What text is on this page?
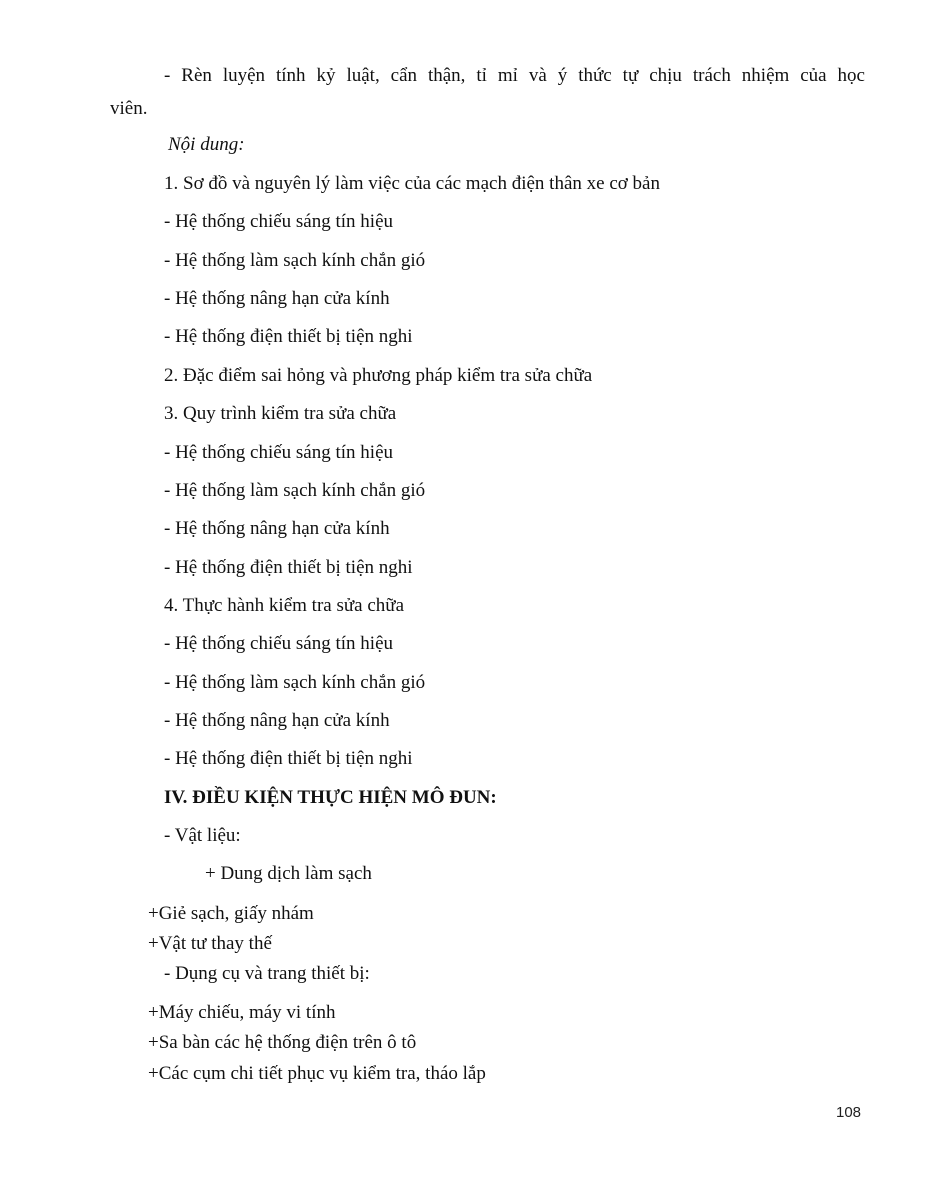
- Rèn luyện tính kỷ luật, cẩn thận, tỉ mỉ và ý thức tự chịu trách nhiệm của học
viên.
Nội dung:
1. Sơ đồ và nguyên lý làm việc của các mạch điện thân xe cơ bản
- Hệ thống chiếu sáng tín hiệu
- Hệ thống làm sạch kính chắn gió
- Hệ thống nâng hạn cửa kính
- Hệ thống điện thiết bị tiện nghi
2. Đặc điểm sai hỏng và phương pháp kiểm tra sửa chữa
3. Quy trình kiểm tra sửa chữa
- Hệ thống chiếu sáng tín hiệu
- Hệ thống làm sạch kính chắn gió
- Hệ thống nâng hạn cửa kính
- Hệ thống điện thiết bị tiện nghi
4. Thực hành kiểm tra sửa chữa
- Hệ thống chiếu sáng tín hiệu
- Hệ thống làm sạch kính chắn gió
- Hệ thống nâng hạn cửa kính
- Hệ thống điện thiết bị tiện nghi
IV. ĐIỀU KIỆN THỰC HIỆN MÔ ĐUN:
- Vật liệu:
+ Dung dịch làm sạch
+Giẻ sạch, giấy nhám
+Vật tư thay thế
- Dụng cụ và trang thiết bị:
+Máy chiếu, máy vi tính
+Sa bàn các hệ thống điện trên ô tô
+Các cụm chi tiết phục vụ kiểm tra, tháo lắp
108
